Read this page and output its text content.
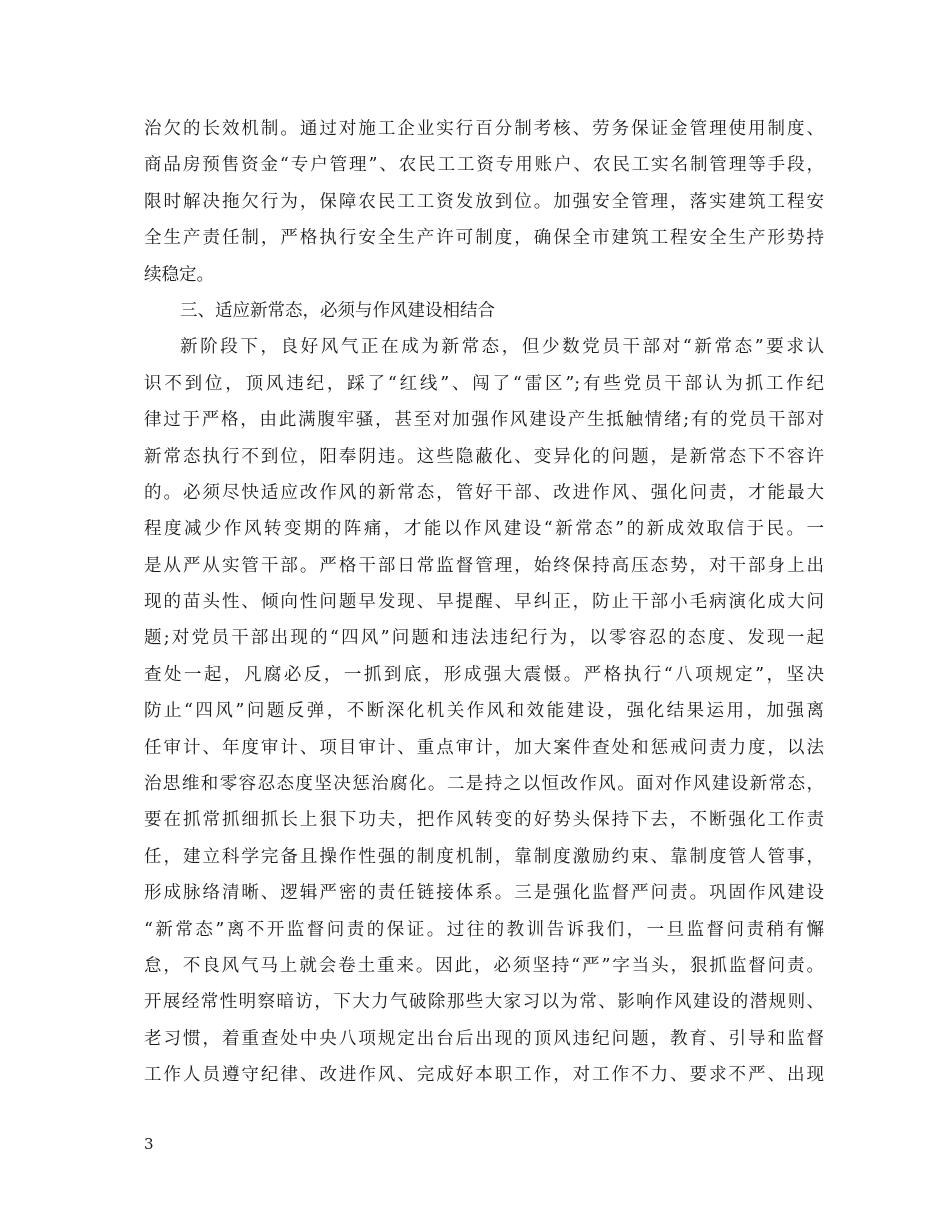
治欠的长效机制。通过对施工企业实行百分制考核、劳务保证金管理使用制度、
商品房预售资金“专户管理”、农民工工资专用账户、农民工实名制管理等手段，
限时解决拖欠行为，保障农民工工资发放到位。加强安全管理，落实建筑工程安
全生产责任制，严格执行安全生产许可制度，确保全市建筑工程安全生产形势持
续稳定。
三、适应新常态，必须与作风建设相结合
新阶段下，良好风气正在成为新常态，但少数党员干部对“新常态”要求认
识不到位，顶风违纪，踩了“红线”、闯了“雷区”;有些党员干部认为抓工作纪
律过于严格，由此满腹牢骚，甚至对加强作风建设产生抵触情绪;有的党员干部对
新常态执行不到位，阳奉阴违。这些隐蔽化、变异化的问题，是新常态下不容许
的。必须尽快适应改作风的新常态，管好干部、改进作风、强化问责，才能最大
程度减少作风转变期的阵痛，才能以作风建设“新常态”的新成效取信于民。一
是从严从实管干部。严格干部日常监督管理，始终保持高压态势，对干部身上出
现的苗头性、倾向性问题早发现、早提醒、早纠正，防止干部小毛病演化成大问
题;对党员干部出现的“四风”问题和违法违纪行为，以零容忍的态度、发现一起
查处一起，凡腐必反，一抓到底，形成强大震慑。严格执行“八项规定”，坚决
防止“四风”问题反弹，不断深化机关作风和效能建设，强化结果运用，加强离
任审计、年度审计、项目审计、重点审计，加大案件查处和惩戒问责力度，以法
治思维和零容忍态度坚决惩治腐化。二是持之以恒改作风。面对作风建设新常态，
要在抓常抓细抓长上狠下功夫，把作风转变的好势头保持下去，不断强化工作责
任，建立科学完备且操作性强的制度机制，靠制度激励约束、靠制度管人管事，
形成脉络清晰、逻辑严密的责任链接体系。三是强化监督严问责。巩固作风建设
“新常态”离不开监督问责的保证。过往的教训告诉我们，一旦监督问责稍有懈
怠，不良风气马上就会卷土重来。因此，必须坚持“严”字当头，狠抓监督问责。
开展经常性明察暗访，下大力气破除那些大家习以为常、影响作风建设的潜规则、
老习惯，着重查处中央八项规定出台后出现的顶风违纪问题，教育、引导和监督
工作人员遵守纪律、改进作风、完成好本职工作，对工作不力、要求不严、出现
3
